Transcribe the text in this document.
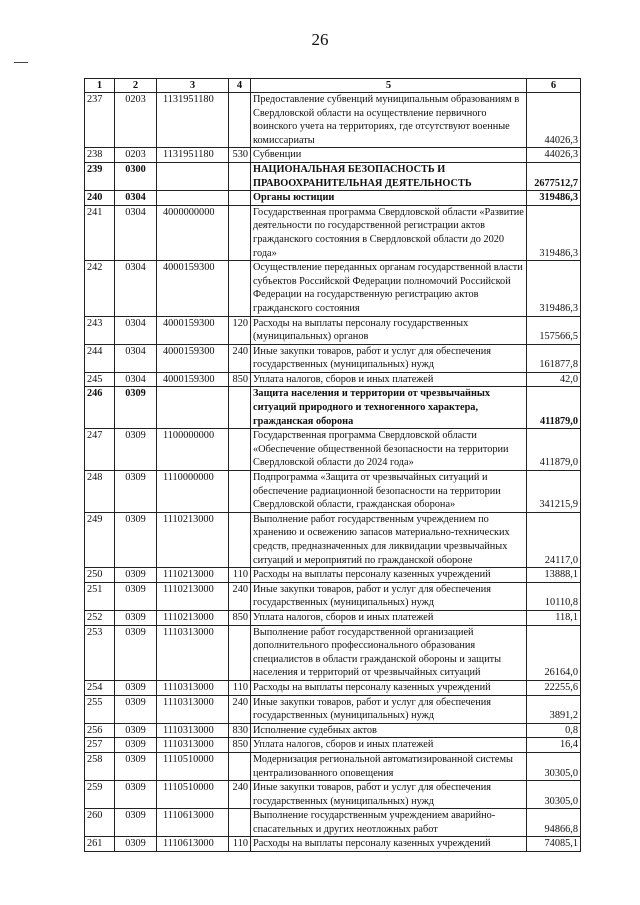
26
1	2	3	4	5	6
237	0203	1131951180		Предоставление субвенций муниципальным образованиям в Свердловской области на осуществление первичного воинского учета на территориях, где отсутствуют военные комиссариаты	44026,3
238	0203	1131951180	530	Субвенции	44026,3
239	0300			НАЦИОНАЛЬНАЯ БЕЗОПАСНОСТЬ И ПРАВООХРАНИТЕЛЬНАЯ ДЕЯТЕЛЬНОСТЬ	2677512,7
240	0304			Органы юстиции	319486,3
241	0304	4000000000		Государственная программа Свердловской области «Развитие деятельности по государственной регистрации актов гражданского состояния в Свердловской области до 2020 года»	319486,3
242	0304	4000159300		Осуществление переданных органам государственной власти субъектов Российской Федерации полномочий Российской Федерации на государственную регистрацию актов гражданского состояния	319486,3
243	0304	4000159300	120	Расходы на выплаты персоналу государственных (муниципальных) органов	157566,5
244	0304	4000159300	240	Иные закупки товаров, работ и услуг для обеспечения государственных (муниципальных) нужд	161877,8
245	0304	4000159300	850	Уплата налогов, сборов и иных платежей	42,0
246	0309			Защита населения и территории от чрезвычайных ситуаций природного и техногенного характера, гражданская оборона	411879,0
247	0309	1100000000		Государственная программа Свердловской области «Обеспечение общественной безопасности на территории Свердловской области до 2024 года»	411879,0
248	0309	1110000000		Подпрограмма «Защита от чрезвычайных ситуаций и обеспечение радиационной безопасности на территории Свердловской области, гражданская оборона»	341215,9
249	0309	1110213000		Выполнение работ государственным учреждением по хранению и освежению запасов материально-технических средств, предназначенных для ликвидации чрезвычайных ситуаций и мероприятий по гражданской обороне	24117,0
250	0309	1110213000	110	Расходы на выплаты персоналу казенных учреждений	13888,1
251	0309	1110213000	240	Иные закупки товаров, работ и услуг для обеспечения государственных (муниципальных) нужд	10110,8
252	0309	1110213000	850	Уплата налогов, сборов и иных платежей	118,1
253	0309	1110313000		Выполнение работ государственной организацией дополнительного профессионального образования специалистов в области гражданской обороны и защиты населения и территорий от чрезвычайных ситуаций	26164,0
254	0309	1110313000	110	Расходы на выплаты персоналу казенных учреждений	22255,6
255	0309	1110313000	240	Иные закупки товаров, работ и услуг для обеспечения государственных (муниципальных) нужд	3891,2
256	0309	1110313000	830	Исполнение судебных актов	0,8
257	0309	1110313000	850	Уплата налогов, сборов и иных платежей	16,4
258	0309	1110510000		Модернизация региональной автоматизированной системы централизованного оповещения	30305,0
259	0309	1110510000	240	Иные закупки товаров, работ и услуг для обеспечения государственных (муниципальных) нужд	30305,0
260	0309	1110613000		Выполнение государственным учреждением аварийно-спасательных и других неотложных работ	94866,8
261	0309	1110613000	110	Расходы на выплаты персоналу казенных учреждений	74085,1
